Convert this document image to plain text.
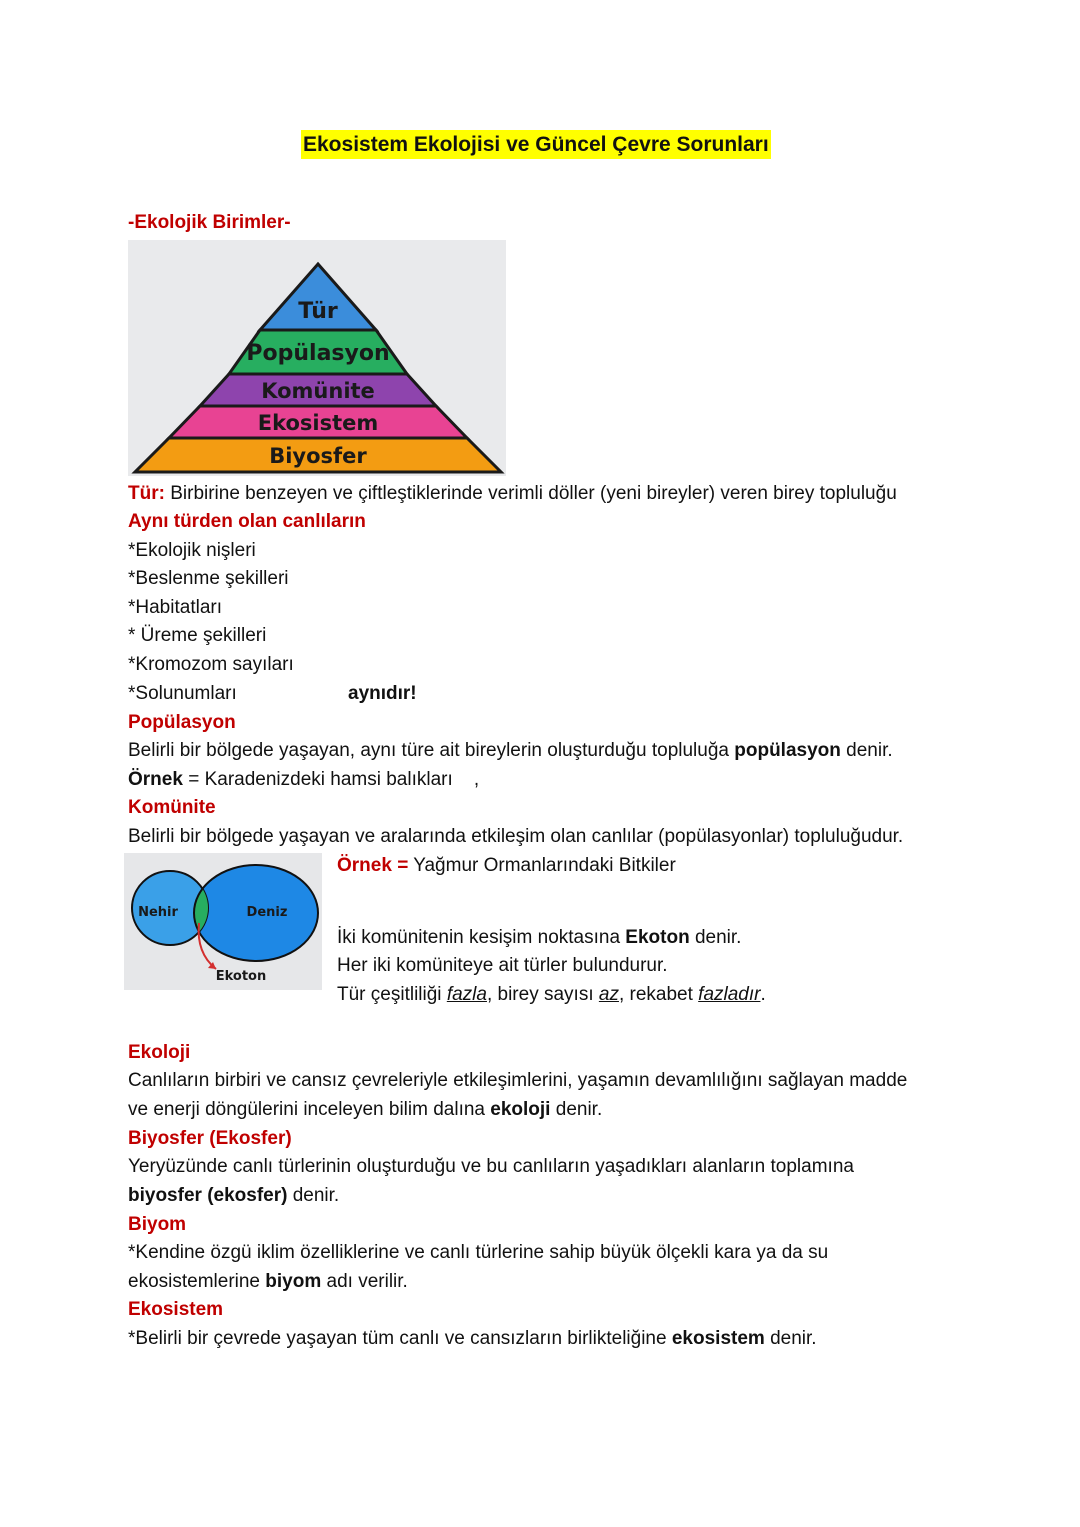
Ekosistem Ekolojisi ve Güncel Çevre Sorunları
-Ekolojik Birimler-
Tür
Popülasyon
Komünite
Ekosistem
Biyosfer
Tür: Birbirine benzeyen ve çiftleştiklerinde verimli döller (yeni bireyler) veren birey topluluğu
Aynı türden olan canlıların
*Ekolojik nişleri
*Beslenme şekilleri
*Habitatları
* Üreme şekilleri
*Kromozom sayıları
*Solunumları	aynıdır!
Popülasyon
Belirli bir bölgede yaşayan, aynı türe ait bireylerin oluşturduğu topluluğa popülasyon denir.
Örnek = Karadenizdeki hamsi balıkları    ,
Komünite
Belirli bir bölgede yaşayan ve aralarında etkileşim olan canlılar (popülasyonlar) topluluğudur.
Örnek = Yağmur Ormanlarındaki Bitkiler
Nehir	Deniz
Ekoton
İki komünitenin kesişim noktasına Ekoton denir.
Her iki komüniteye ait türler bulundurur.
Tür çeşitliliği fazla, birey sayısı az, rekabet fazladır.
Ekoloji
Canlıların birbiri ve cansız çevreleriyle etkileşimlerini, yaşamın devamlılığını sağlayan madde
ve enerji döngülerini inceleyen bilim dalına ekoloji denir.
Biyosfer (Ekosfer)
Yeryüzünde canlı türlerinin oluşturduğu ve bu canlıların yaşadıkları alanların toplamına
biyosfer (ekosfer) denir.
Biyom
*Kendine özgü iklim özelliklerine ve canlı türlerine sahip büyük ölçekli kara ya da su
ekosistemlerine biyom adı verilir.
Ekosistem
*Belirli bir çevrede yaşayan tüm canlı ve cansızların birlikteliğine ekosistem denir.
